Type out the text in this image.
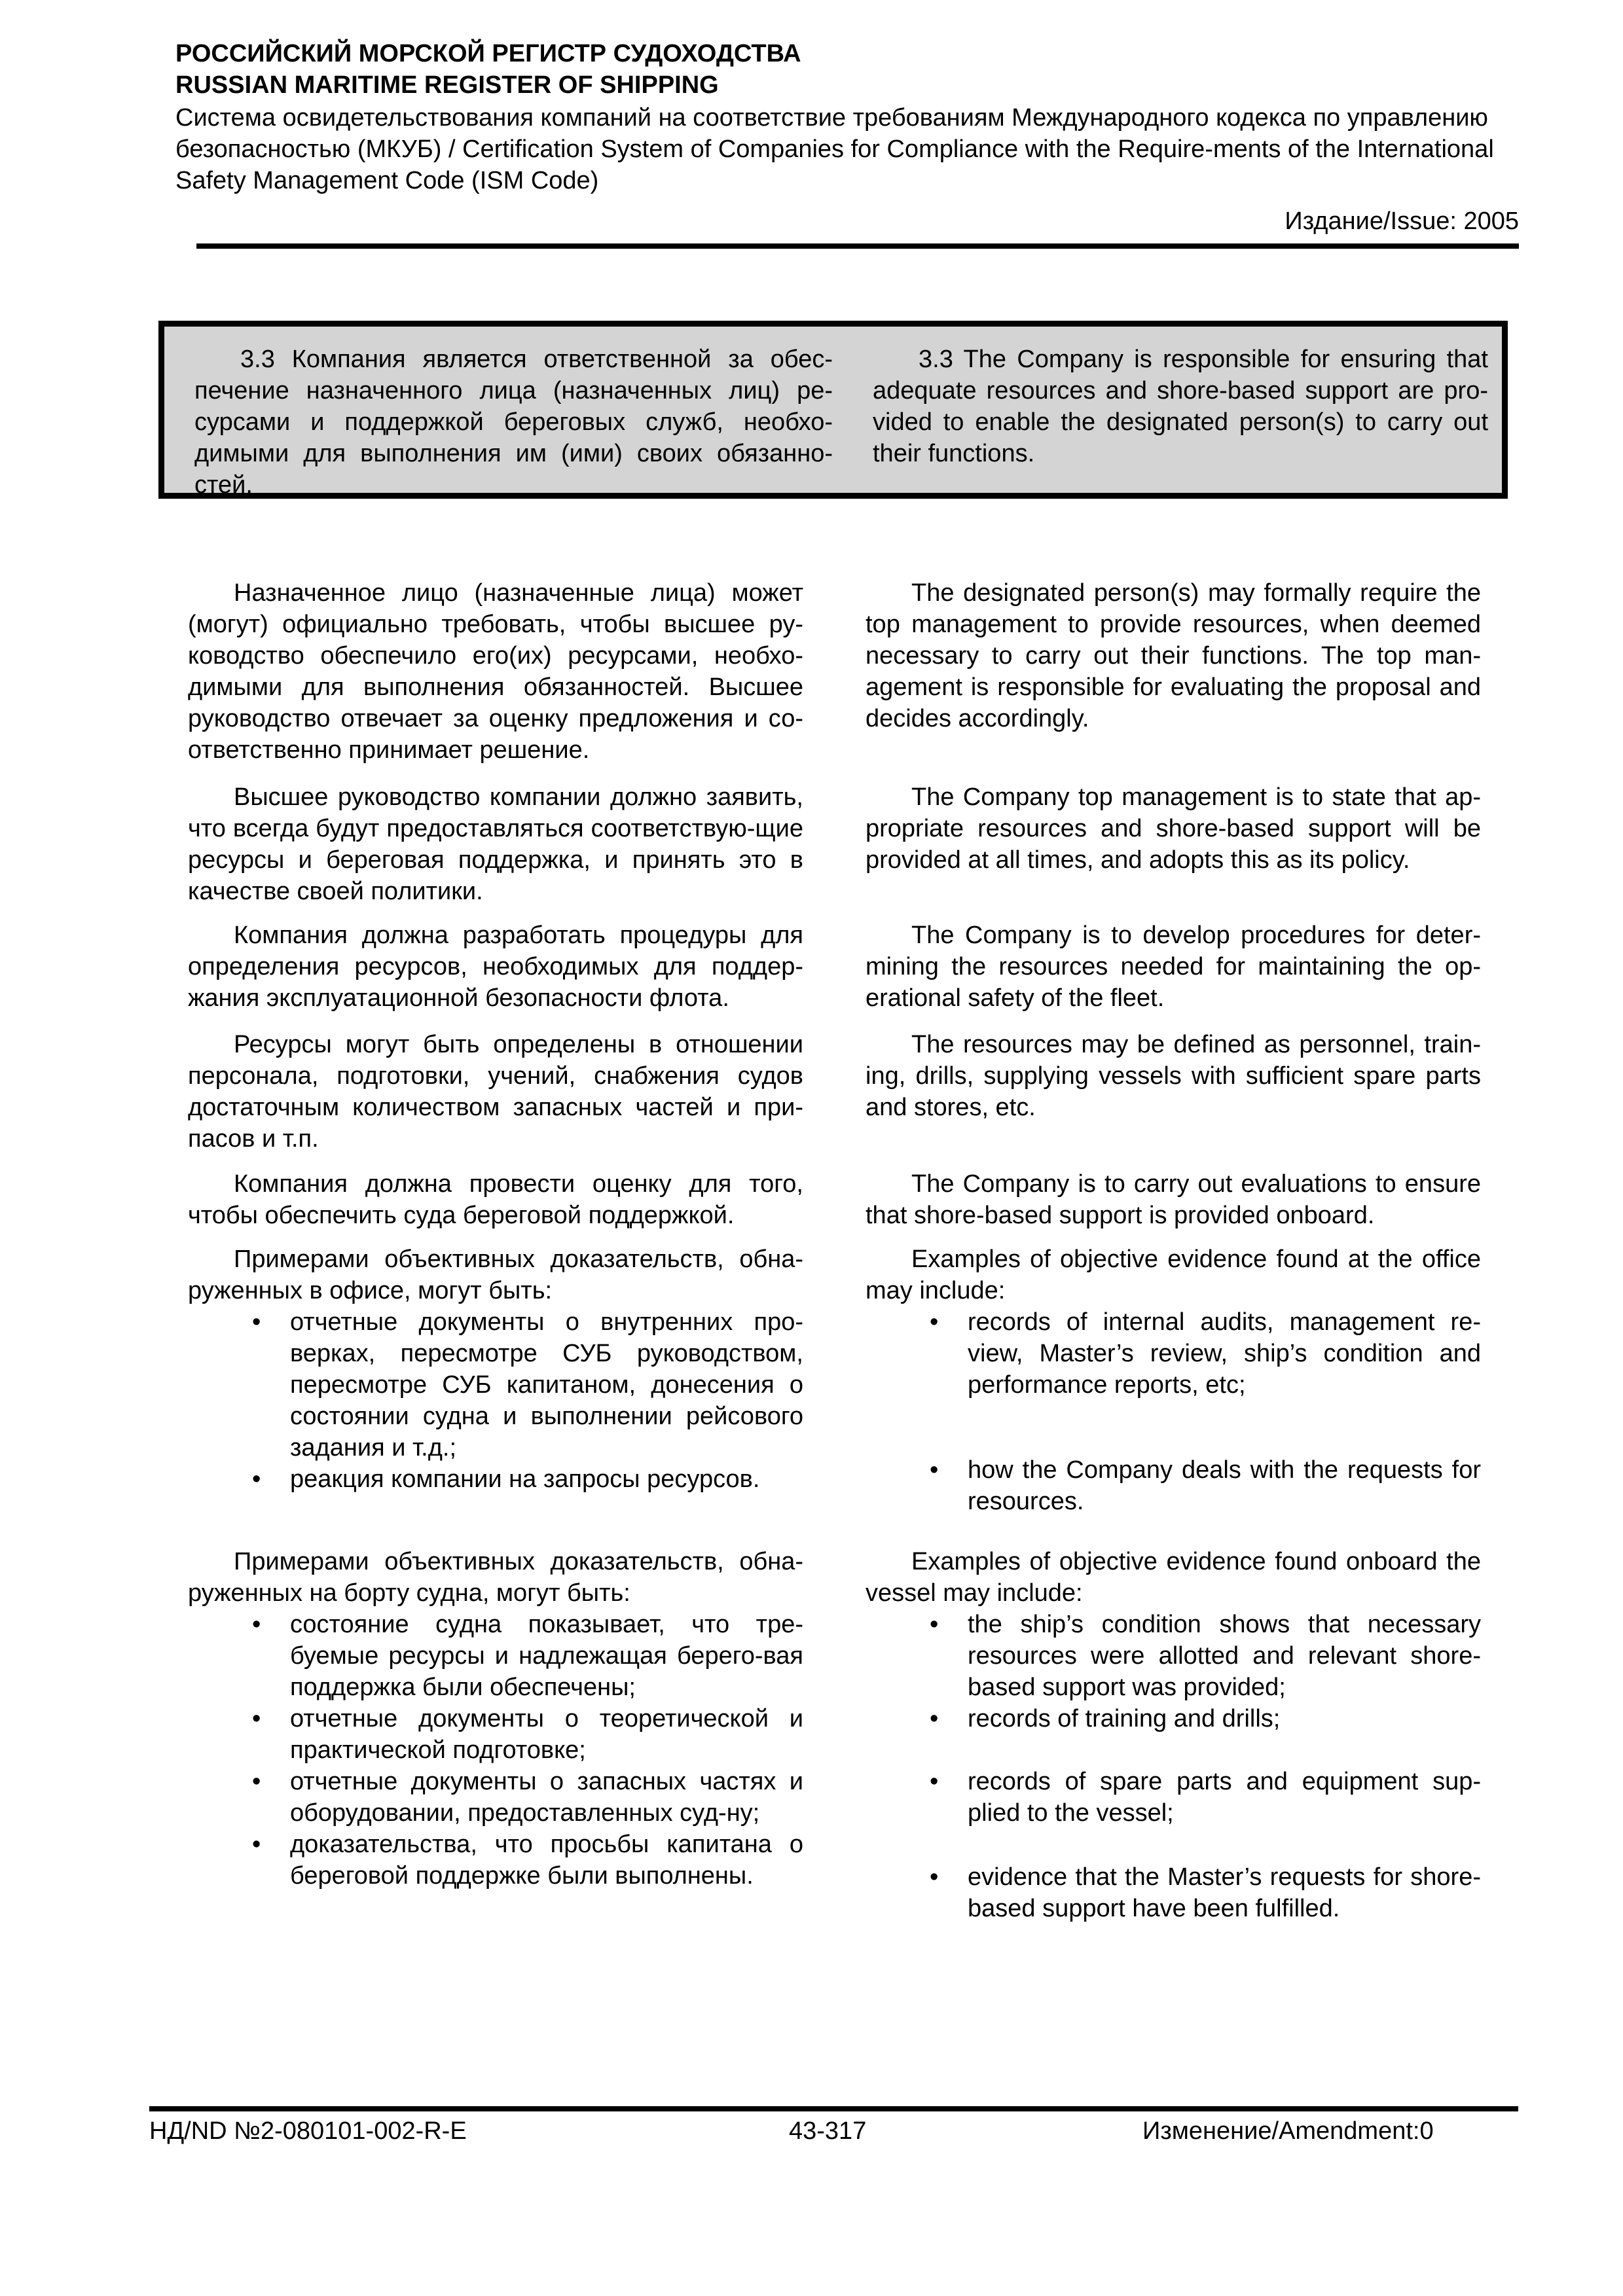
РОССИЙСКИЙ МОРСКОЙ РЕГИСТР СУДОХОДСТВА
RUSSIAN MARITIME REGISTER OF SHIPPING
Система освидетельствования компаний на соответствие требованиям Международного кодекса по управлению безопасностью (МКУБ) / Certification System of Companies for Compliance with the Require-ments of the International Safety Management Code (ISM Code)
Издание/Issue: 2005
3.3 Компания является ответственной за обес-печение назначенного лица (назначенных лиц) ре-сурсами и поддержкой береговых служб, необхо-димыми для выполнения им (ими) своих обязанно-стей.
3.3 The Company is responsible for ensuring that adequate resources and shore-based support are pro-vided to enable the designated person(s) to carry out their functions.
Назначенное лицо (назначенные лица) может (могут) официально требовать, чтобы высшее ру-ководство обеспечило его(их) ресурсами, необхо-димыми для выполнения обязанностей. Высшее руководство отвечает за оценку предложения и со-ответственно принимает решение.
The designated person(s) may formally require the top management to provide resources, when deemed necessary to carry out their functions. The top man-agement is responsible for evaluating the proposal and decides accordingly.
Высшее руководство компании должно заявить, что всегда будут предоставляться соответствую-щие ресурсы и береговая поддержка, и принять это в качестве своей политики.
The Company top management is to state that ap-propriate resources and shore-based support will be provided at all times, and adopts this as its policy.
Компания должна разработать процедуры для определения ресурсов, необходимых для поддер-жания эксплуатационной безопасности флота.
The Company is to develop procedures for deter-mining the resources needed for maintaining the op-erational safety of the fleet.
Ресурсы могут быть определены в отношении персонала, подготовки, учений, снабжения судов достаточным количеством запасных частей и при-пасов и т.п.
The resources may be defined as personnel, train-ing, drills, supplying vessels with sufficient spare parts and stores, etc.
Компания должна провести оценку для того, чтобы обеспечить суда береговой поддержкой.
The Company is to carry out evaluations to ensure that shore-based support is provided onboard.
Примерами объективных доказательств, обна-руженных в офисе, могут быть:
• отчетные документы о внутренних про-верках, пересмотре СУБ руководством, пересмотре СУБ капитаном, донесения о состоянии судна и выполнении рейсового задания и т.д.;
• реакция компании на запросы ресурсов.
Examples of objective evidence found at the office may include:
• records of internal audits, management re-view, Master’s review, ship’s condition and performance reports, etc;
• how the Company deals with the requests for resources.
Примерами объективных доказательств, обна-руженных на борту судна, могут быть:
• состояние судна показывает, что тре-буемые ресурсы и надлежащая берего-вая поддержка были обеспечены;
• отчетные документы о теоретической и практической подготовке;
• отчетные документы о запасных частях и оборудовании, предоставленных суд-ну;
• доказательства, что просьбы капитана о береговой поддержке были выполнены.
Examples of objective evidence found onboard the vessel may include:
• the ship’s condition shows that necessary resources were allotted and relevant shore-based support was provided;
• records of training and drills;
• records of spare parts and equipment sup-plied to the vessel;
• evidence that the Master’s requests for shore-based support have been fulfilled.
НД/ND №2-080101-002-R-E	43-317	Изменение/Amendment:0
